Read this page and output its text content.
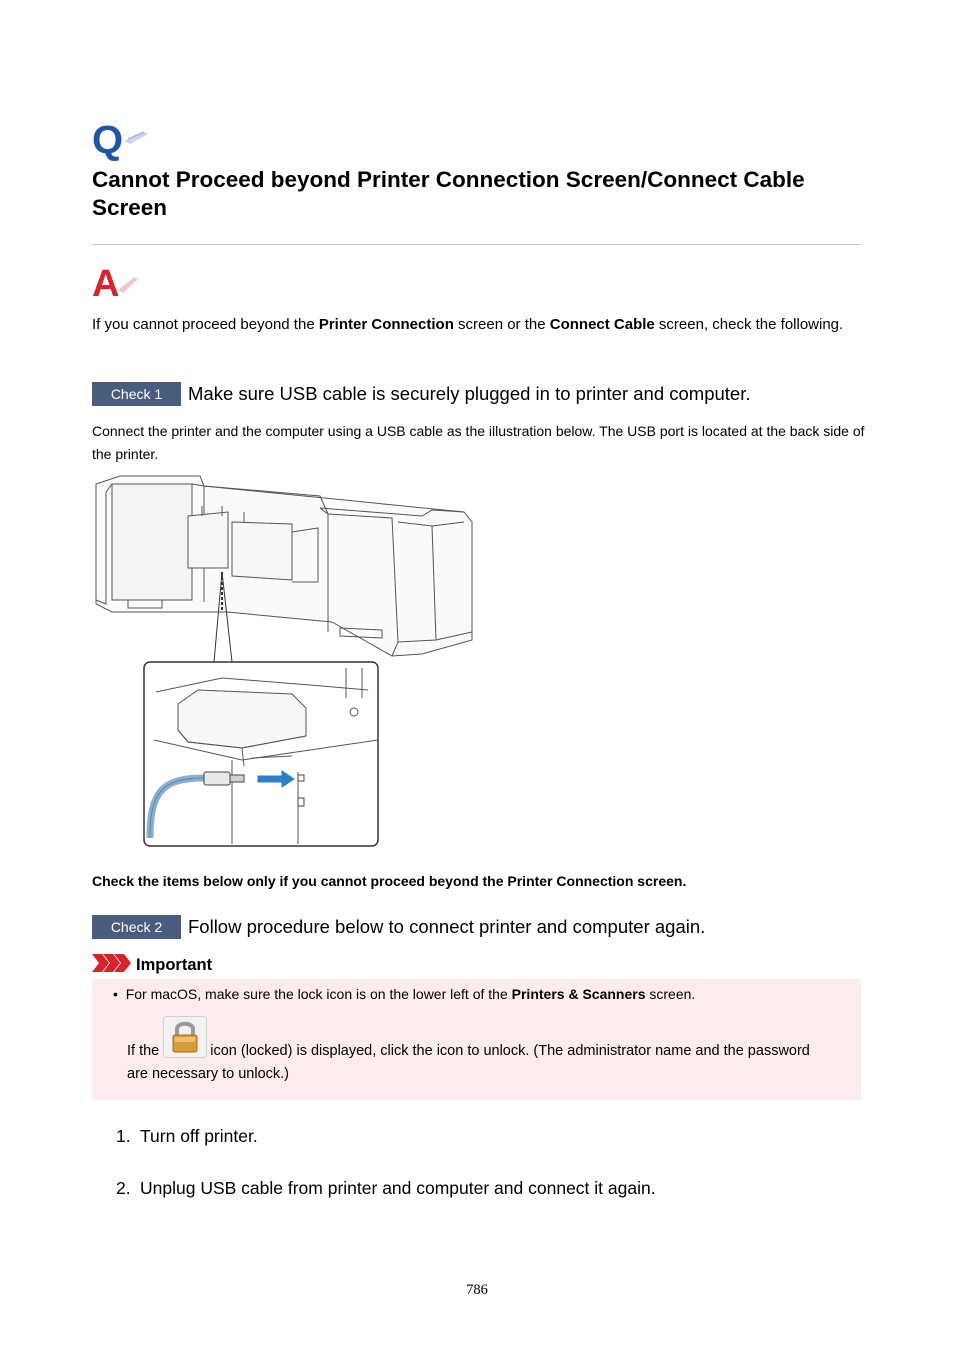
Q
Cannot Proceed beyond Printer Connection Screen/Connect Cable Screen
A

If you cannot proceed beyond the Printer Connection screen or the Connect Cable screen, check the following.

Check 1	Make sure USB cable is securely plugged in to printer and computer.

Connect the printer and the computer using a USB cable as the illustration below. The USB port is located at the back side of the printer.

Check the items below only if you cannot proceed beyond the Printer Connection screen.

Check 2	Follow procedure below to connect printer and computer again.
Important
• For macOS, make sure the lock icon is on the lower left of the Printers & Scanners screen.
If the	icon (locked) is displayed, click the icon to unlock. (The administrator name and the password
are necessary to unlock.)
1. Turn off printer.
2. Unplug USB cable from printer and computer and connect it again.
786
